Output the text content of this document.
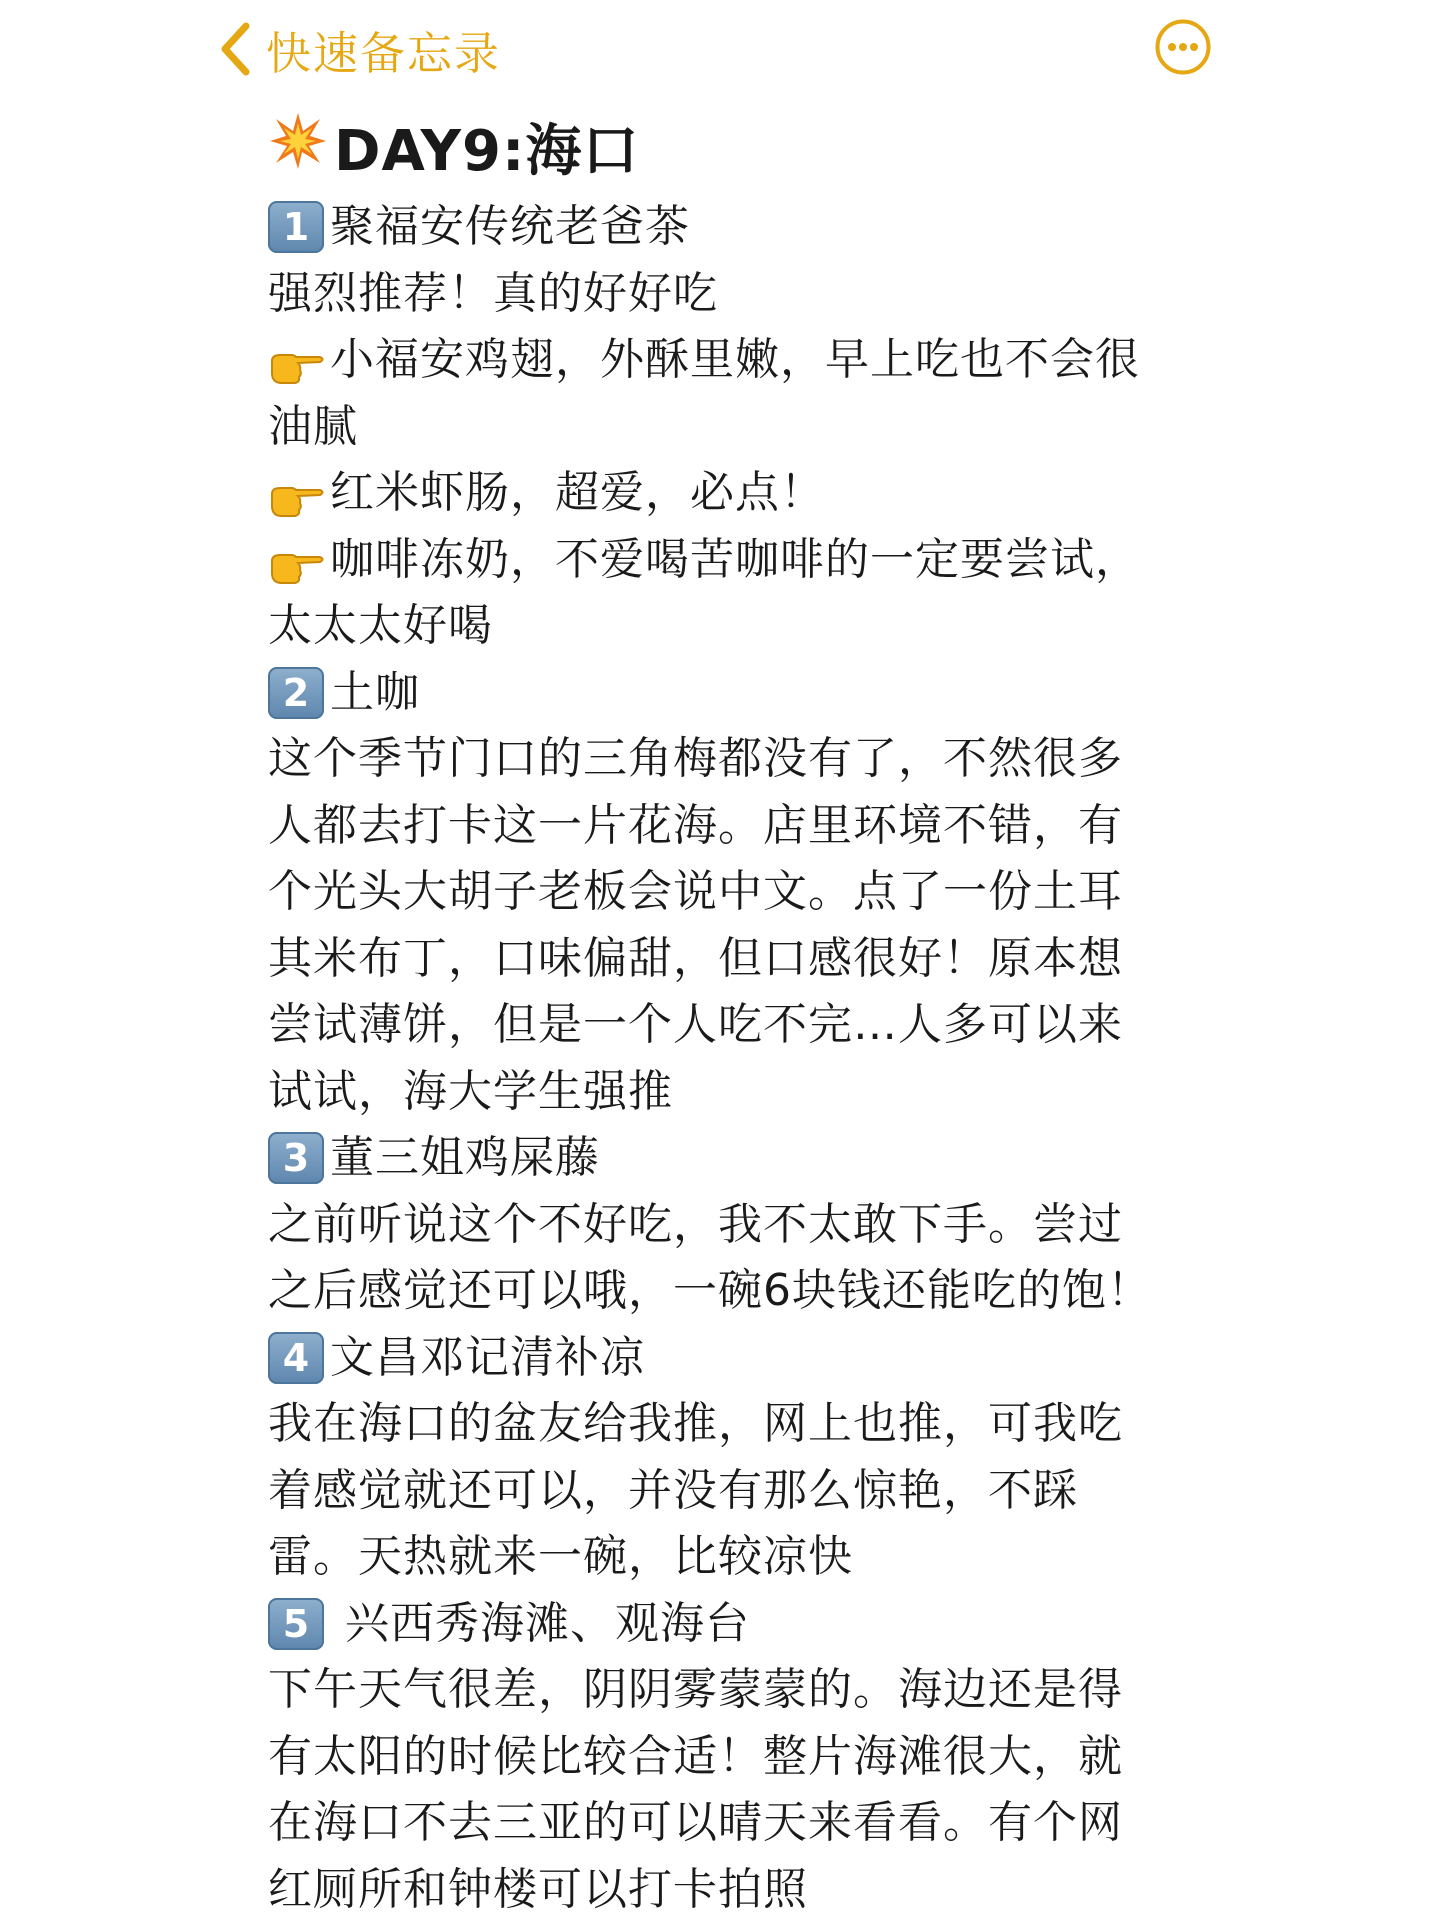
快速备忘录
DAY9:海口
1 聚福安传统老爸茶
强烈推荐！真的好好吃
小福安鸡翅，外酥里嫩，早上吃也不会很
油腻
红米虾肠，超爱，必点！
咖啡冻奶，不爱喝苦咖啡的一定要尝试，
太太太好喝
2 土咖
这个季节门口的三角梅都没有了，不然很多
人都去打卡这一片花海。店里环境不错，有
个光头大胡子老板会说中文。点了一份土耳
其米布丁，口味偏甜，但口感很好！原本想
尝试薄饼，但是一个人吃不完…人多可以来
试试，海大学生强推
3 董三姐鸡屎藤
之前听说这个不好吃，我不太敢下手。尝过
之后感觉还可以哦，一碗6块钱还能吃的饱！
4 文昌邓记清补凉
我在海口的盆友给我推，网上也推，可我吃
着感觉就还可以，并没有那么惊艳，不踩
雷。天热就来一碗，比较凉快
5 兴西秀海滩、观海台
下午天气很差，阴阴雾蒙蒙的。海边还是得
有太阳的时候比较合适！整片海滩很大，就
在海口不去三亚的可以晴天来看看。有个网
红厕所和钟楼可以打卡拍照
